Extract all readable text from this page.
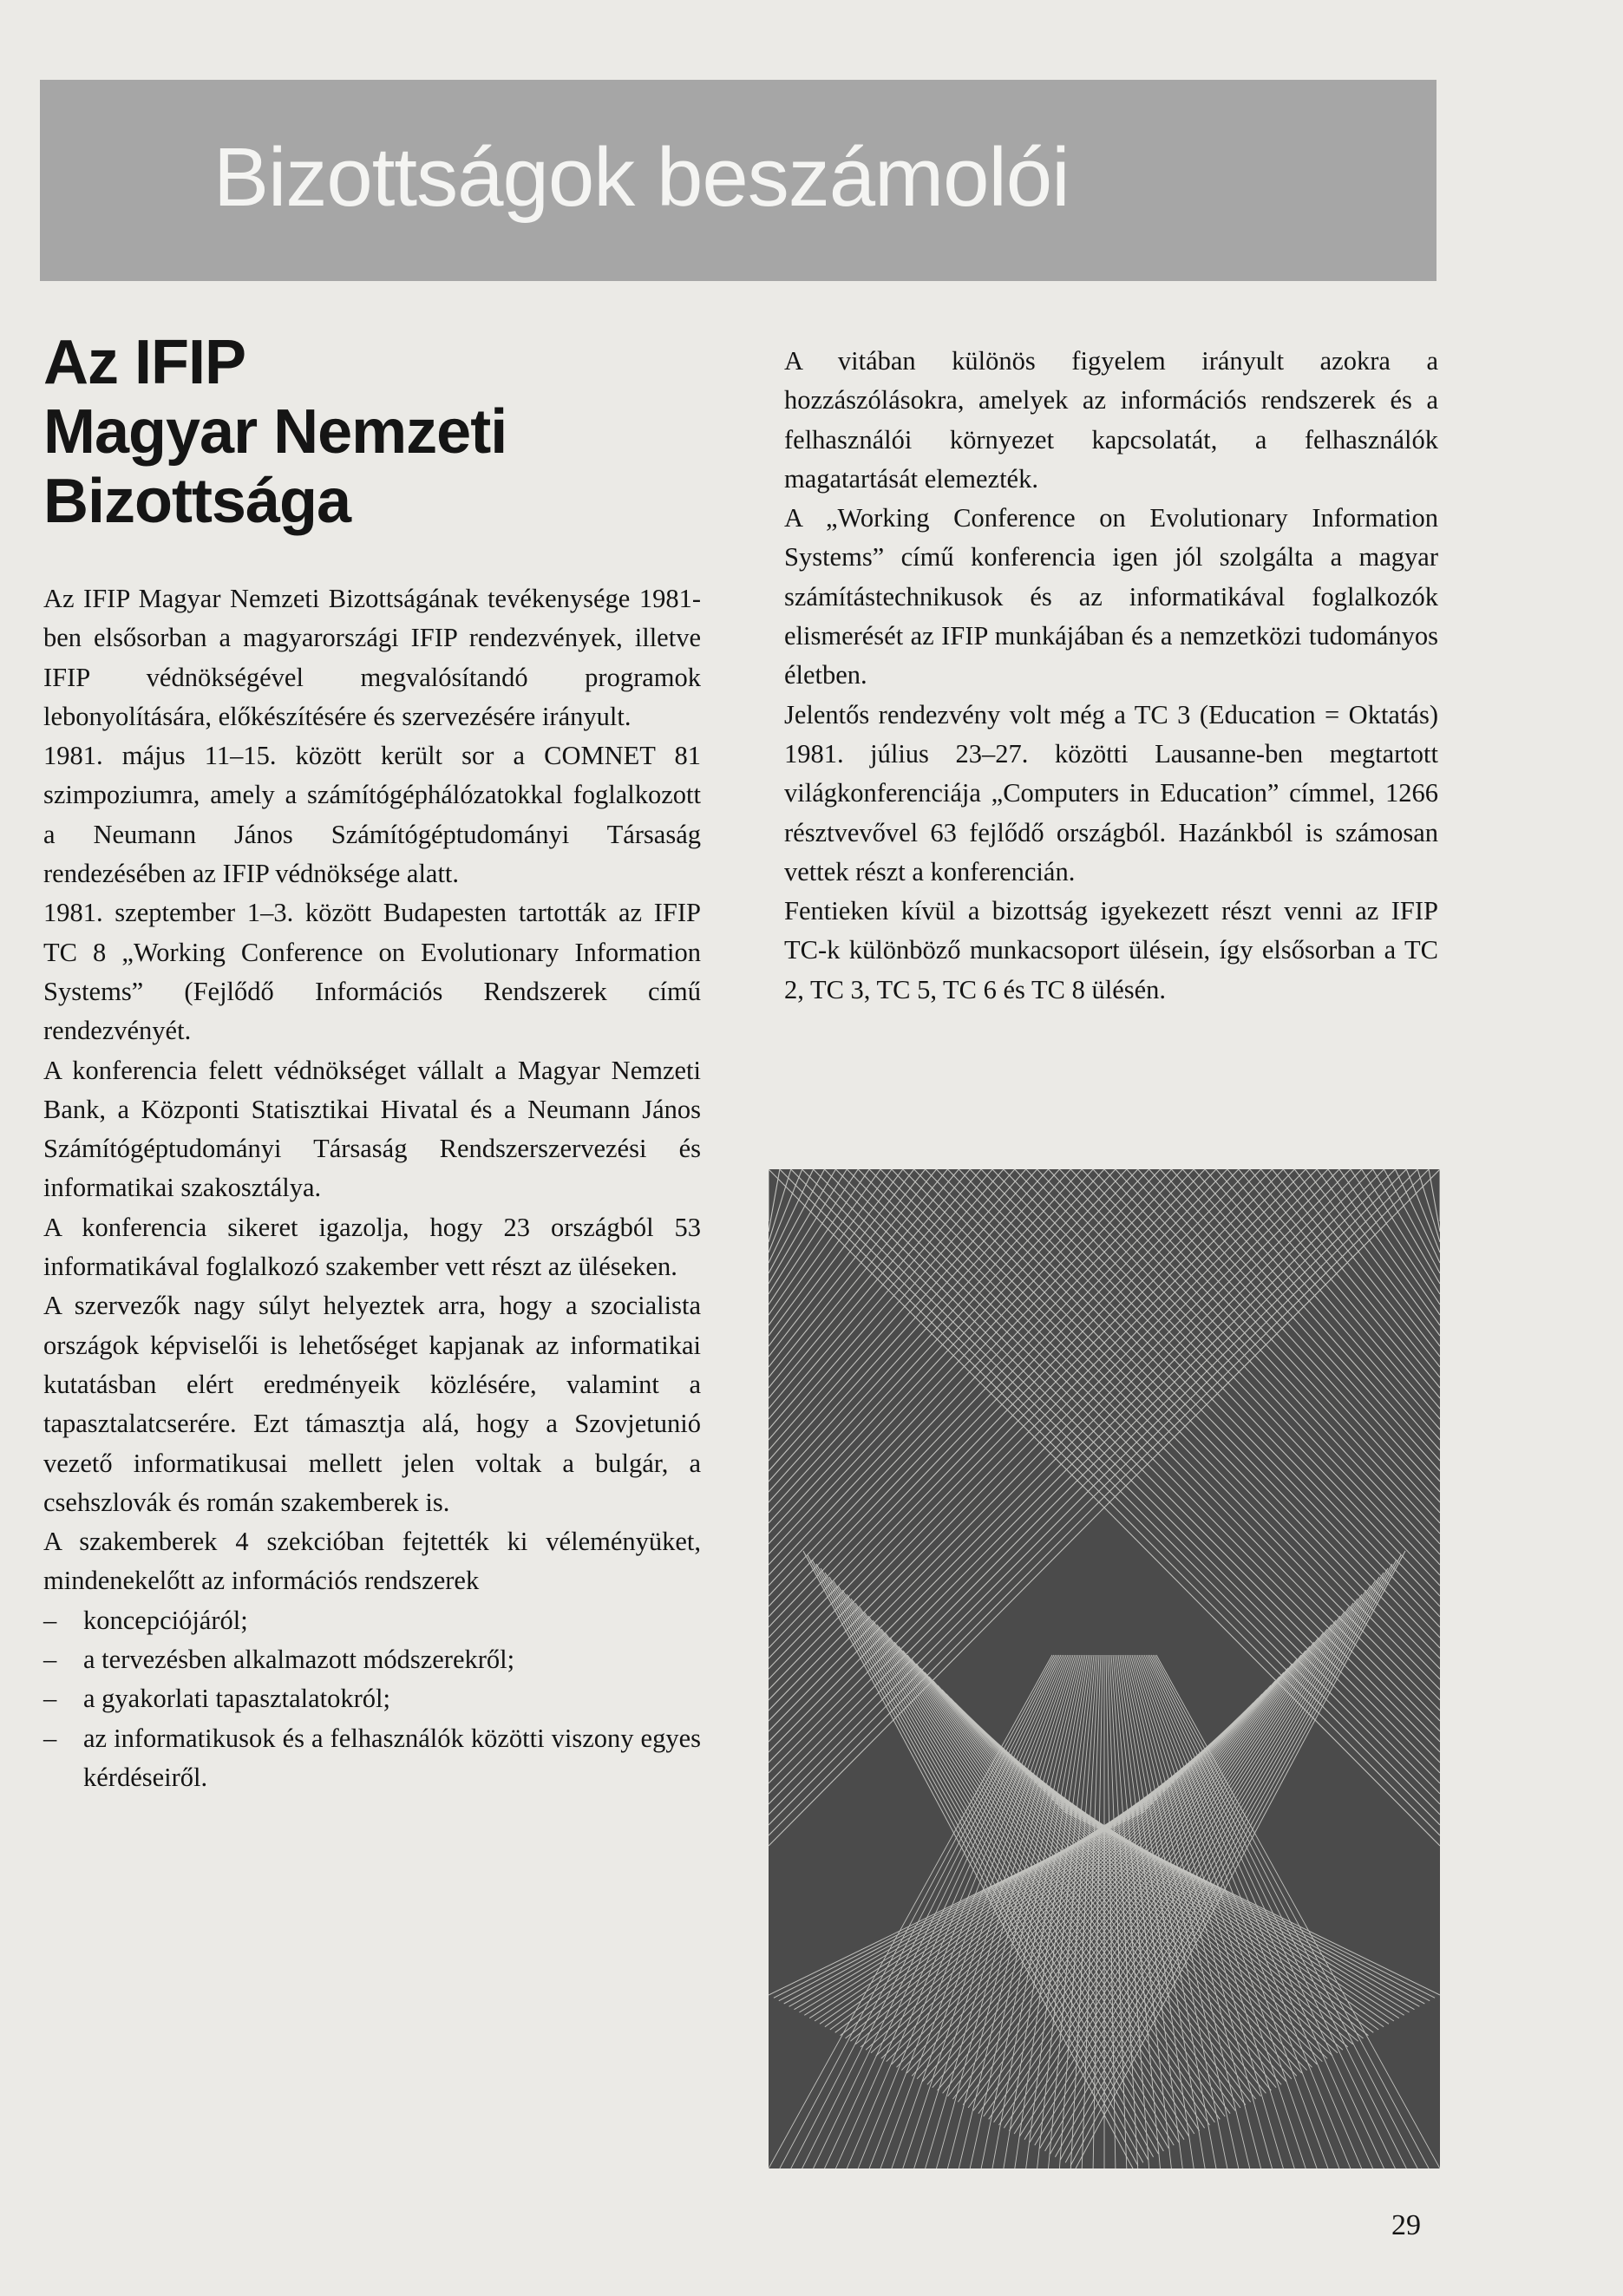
Bizottságok beszámolói
Az IFIP
Magyar Nemzeti
Bizottsága

Az IFIP Magyar Nemzeti Bizottságának tevékenysége 1981-ben elsősorban a magyarországi IFIP rendezvények, illetve IFIP védnökségével megvalósítandó programok lebonyolítására, előkészítésére és szervezésére irányult.

1981. május 11–15. között került sor a COMNET 81 szimpoziumra, amely a számítógéphálózatokkal foglalkozott a Neumann János Számítógéptudományi Társaság rendezésében az IFIP védnöksége alatt.

1981. szeptember 1–3. között Budapesten tartották az IFIP TC 8 „Working Conference on Evolutionary Information Systems” (Fejlődő Információs Rendszerek című rendezvényét.

A konferencia felett védnökséget vállalt a Magyar Nemzeti Bank, a Központi Statisztikai Hivatal és a Neumann János Számítógéptudományi Társaság Rendszerszervezési és informatikai szakosztálya.

A konferencia sikeret igazolja, hogy 23 országból 53 informatikával foglalkozó szakember vett részt az üléseken.

A szervezők nagy súlyt helyeztek arra, hogy a szocialista országok képviselői is lehetőséget kapjanak az informatikai kutatásban elért eredményeik közlésére, valamint a tapasztalatcserére. Ezt támasztja alá, hogy a Szovjetunió vezető informatikusai mellett jelen voltak a bulgár, a csehszlovák és román szakemberek is.

A szakemberek 4 szekcióban fejtették ki véleményüket, mindenekelőtt az információs rendszerek

– koncepciójáról;
– a tervezésben alkalmazott módszerekről;
– a gyakorlati tapasztalatokról;
– az informatikusok és a felhasználók közötti viszony egyes kérdéseiről.

A vitában különös figyelem irányult azokra a hozzászólásokra, amelyek az információs rendszerek és a felhasználói környezet kapcsolatát, a felhasználók magatartását elemezték.

A „Working Conference on Evolutionary Information Systems” című konferencia igen jól szolgálta a magyar számítástechnikusok és az informatikával foglalkozók elismerését az IFIP munkájában és a nemzetközi tudományos életben.

Jelentős rendezvény volt még a TC 3 (Education = Oktatás) 1981. július 23–27. közötti Lausanne-ben megtartott világkonferenciája „Computers in Education” címmel, 1266 résztvevővel 63 fejlődő országból. Hazánkból is számosan vettek részt a konferencián.

Fentieken kívül a bizottság igyekezett részt venni az IFIP TC-k különböző munkacsoport ülésein, így elsősorban a TC 2, TC 3, TC 5, TC 6 és TC 8 ülésén.

29
